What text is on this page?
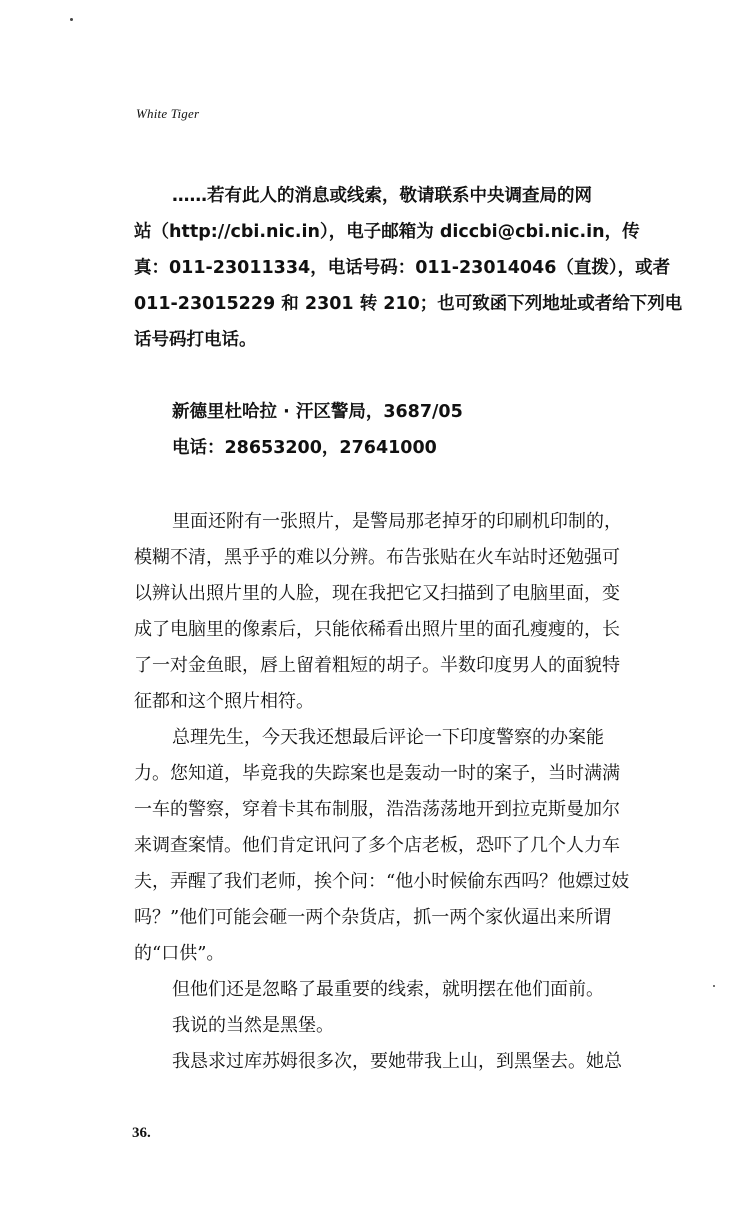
White Tiger
……若有此人的消息或线索，敬请联系中央调查局的网
站（http://cbi.nic.in），电子邮箱为 diccbi@cbi.nic.in，传
真：011-23011334，电话号码：011-23014046（直拨），或者
011-23015229 和 2301 转 210；也可致函下列地址或者给下列电
话号码打电话。
新德里杜哈拉 · 汗区警局，3687/05
电话：28653200，27641000
里面还附有一张照片，是警局那老掉牙的印刷机印制的，
模糊不清，黑乎乎的难以分辨。布告张贴在火车站时还勉强可
以辨认出照片里的人脸，现在我把它又扫描到了电脑里面，变
成了电脑里的像素后，只能依稀看出照片里的面孔瘦瘦的，长
了一对金鱼眼，唇上留着粗短的胡子。半数印度男人的面貌特
征都和这个照片相符。
总理先生，今天我还想最后评论一下印度警察的办案能
力。您知道，毕竟我的失踪案也是轰动一时的案子，当时满满
一车的警察，穿着卡其布制服，浩浩荡荡地开到拉克斯曼加尔
来调查案情。他们肯定讯问了多个店老板，恐吓了几个人力车
夫，弄醒了我们老师，挨个问：“他小时候偷东西吗？他嫖过妓
吗？”他们可能会砸一两个杂货店，抓一两个家伙逼出来所谓
的“口供”。
但他们还是忽略了最重要的线索，就明摆在他们面前。
我说的当然是黑堡。
我恳求过库苏姆很多次，要她带我上山，到黑堡去。她总
36.
